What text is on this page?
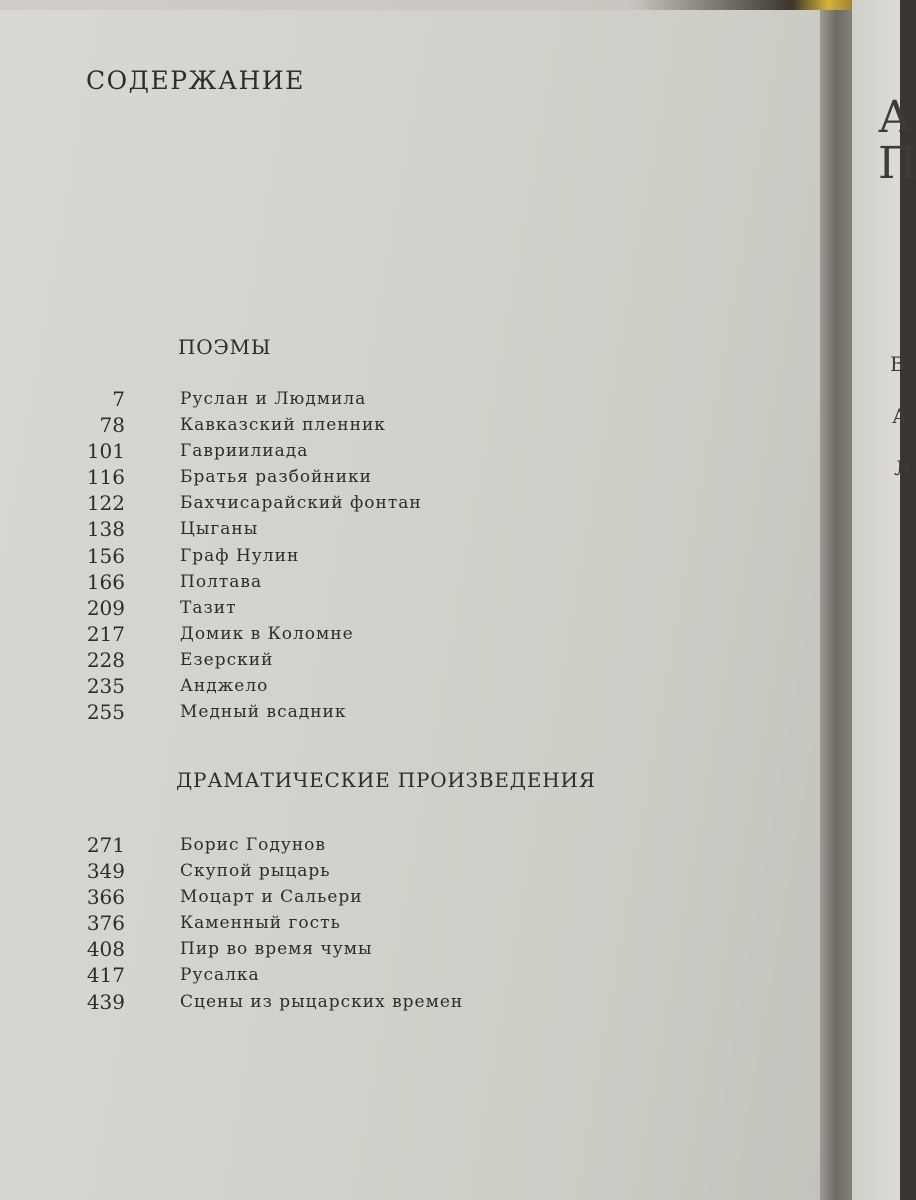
А
П
В
А
Л
СОДЕРЖАНИЕ
ПОЭМЫ
7	Руслан и Людмила
78	Кавказский пленник
101	Гавриилиада
116	Братья разбойники
122	Бахчисарайский фонтан
138	Цыганы
156	Граф Нулин
166	Полтава
209	Тазит
217	Домик в Коломне
228	Езерский
235	Анджело
255	Медный всадник
ДРАМАТИЧЕСКИЕ ПРОИЗВЕДЕНИЯ
271	Борис Годунов
349	Скупой рыцарь
366	Моцарт и Сальери
376	Каменный гость
408	Пир во время чумы
417	Русалка
439	Сцены из рыцарских времен
